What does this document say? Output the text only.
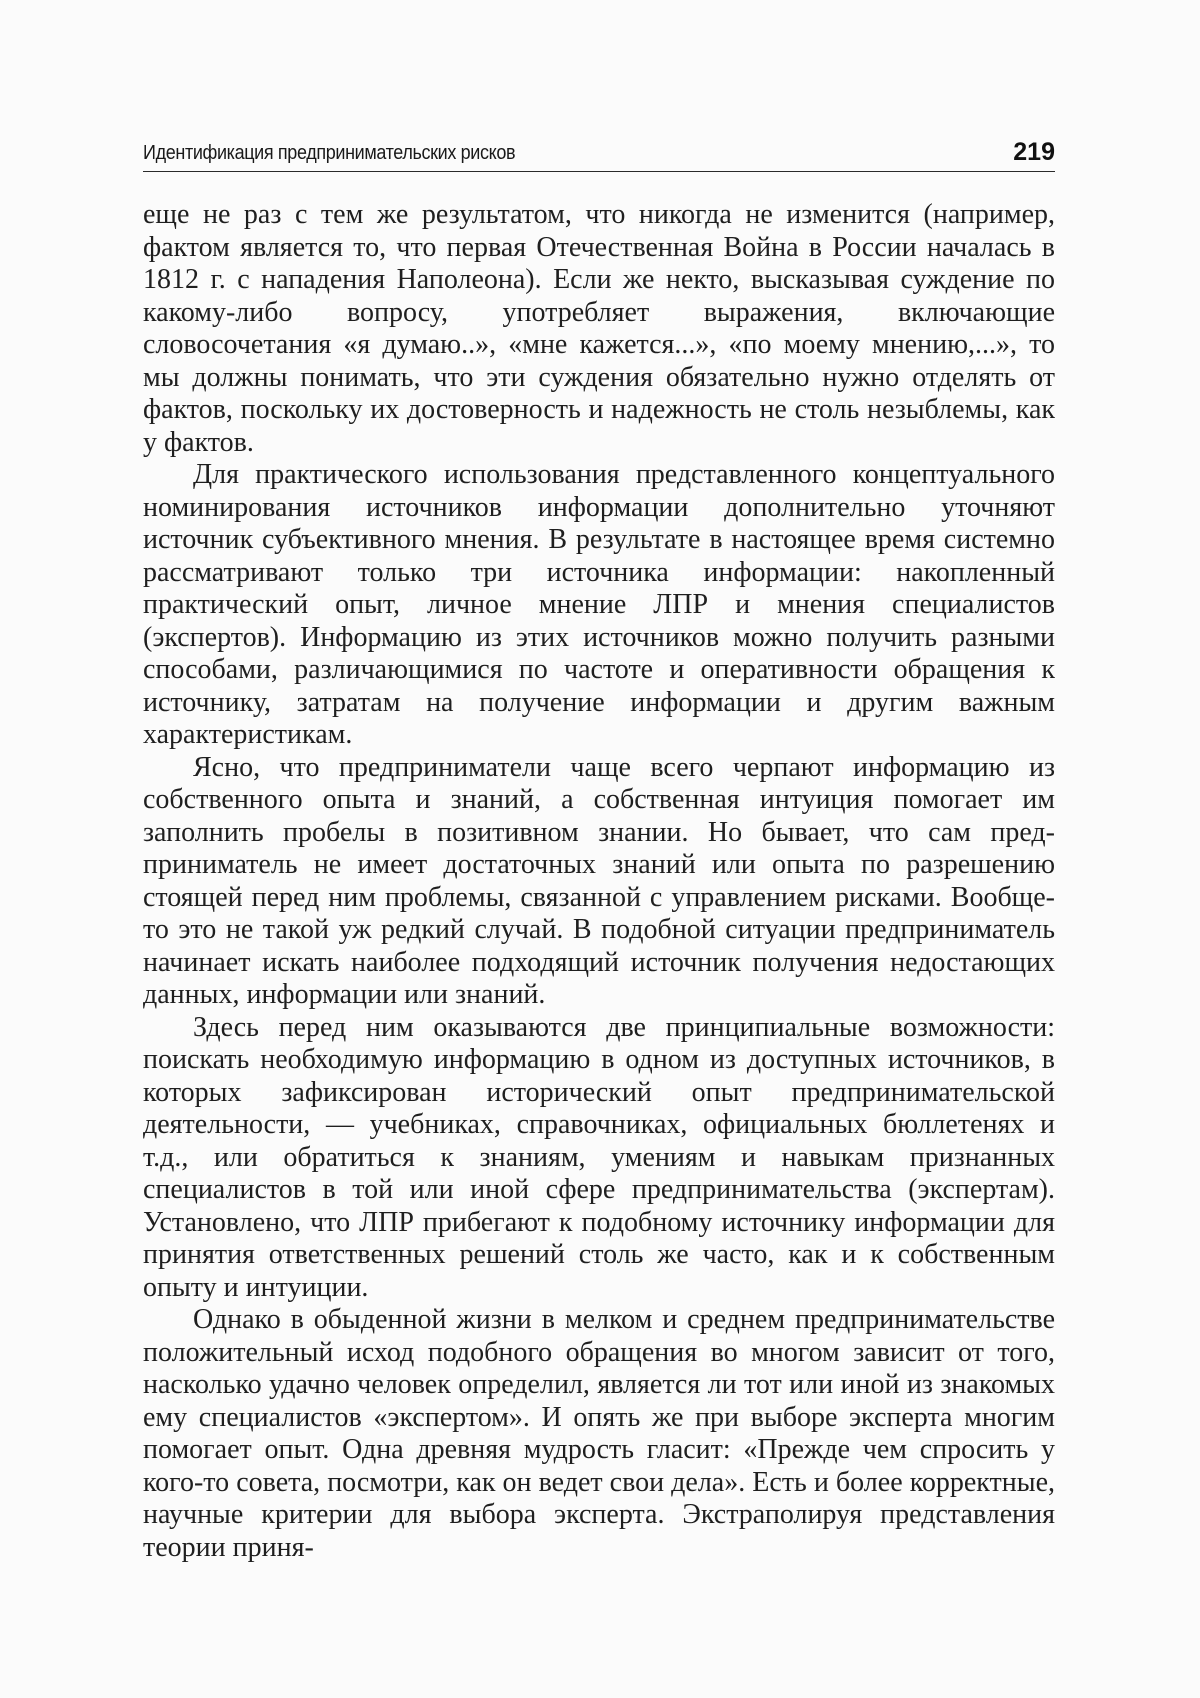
Идентификация предпринимательских рисков	219

еще не раз с тем же результатом, что никогда не изменится (например, фактом является то, что первая Отечественная Война в России началась в 1812 г. с нападения Наполеона). Если же некто, высказывая суждение по какому-либо вопросу, употребляет выражения, включающие словосочетания «я думаю..», «мне кажется...», «по моему мнению,...», то мы должны понимать, что эти суждения обязательно нужно отделять от фактов, поскольку их достоверность и надежность не столь незыблемы, как у фактов.

Для практического использования представленного концептуального номинирования источников информации дополнительно уточняют источник субъективного мнения. В результате в настоящее время системно рассматривают только три источника информации: накопленный практический опыт, личное мнение ЛПР и мнения специалистов (экспертов). Информацию из этих источников можно получить разными способами, различающимися по частоте и оперативности обращения к источнику, затратам на получение информации и другим важным характеристикам.

Ясно, что предприниматели чаще всего черпают информацию из собственного опыта и знаний, а собственная интуиция помогает им заполнить пробелы в позитивном знании. Но бывает, что сам предприниматель не имеет достаточных знаний или опыта по разрешению стоящей перед ним проблемы, связанной с управлением рисками. Вообще-то это не такой уж редкий случай. В подобной ситуации предприниматель начинает искать наиболее подходящий источник получения недостающих данных, информации или знаний.

Здесь перед ним оказываются две принципиальные возможности: поискать необходимую информацию в одном из доступных источников, в которых зафиксирован исторический опыт предпринимательской деятельности, — учебниках, справочниках, официальных бюллетенях и т.д., или обратиться к знаниям, умениям и навыкам признанных специалистов в той или иной сфере предпринимательства (экспертам). Установлено, что ЛПР прибегают к подобному источнику информации для принятия ответственных решений столь же часто, как и к собственным опыту и интуиции.

Однако в обыденной жизни в мелком и среднем предпринимательстве положительный исход подобного обращения во многом зависит от того, насколько удачно человек определил, является ли тот или иной из знакомых ему специалистов «экспертом». И опять же при выборе эксперта многим помогает опыт. Одна древняя мудрость гласит: «Прежде чем спросить у кого-то совета, посмотри, как он ведет свои дела». Есть и более корректные, научные критерии для выбора эксперта. Экстраполируя представления теории приня-
